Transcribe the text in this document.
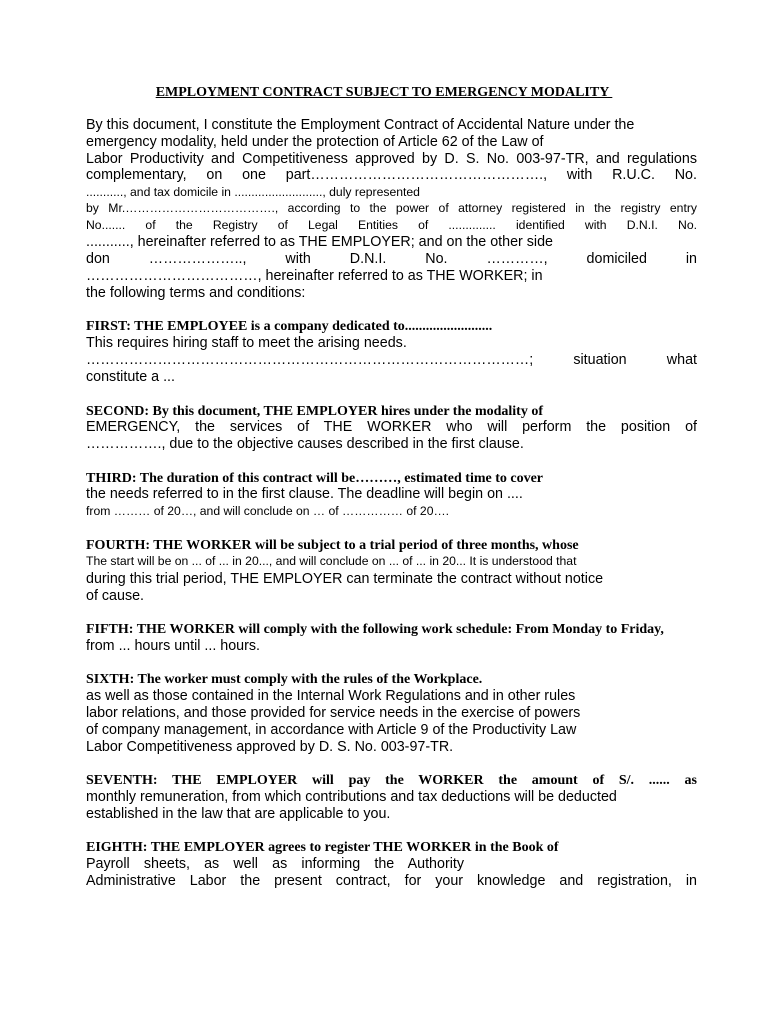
EMPLOYMENT CONTRACT SUBJECT TO EMERGENCY MODALITY
By this document, I constitute the Employment Contract of Accidental Nature under the
emergency modality, held under the protection of Article 62 of the Law of
Labor Productivity and Competitiveness approved by D. S. No. 003-97-TR, and regulations
complementary, on one part…………………………………………., with R.U.C. No.
..........., and tax domicile in .........................., duly represented
by Mr.………………………………., according to the power of attorney registered in the registry entry
No....... of the Registry of Legal Entities of .............. identified with D.N.I. No.
..........., hereinafter referred to as THE EMPLOYER; and on the other side
don ……………….., with D.N.I. No. …………, domiciled in
………………………………, hereinafter referred to as THE WORKER; in
the following terms and conditions:
FIRST: THE EMPLOYEE is a company dedicated to.........................
This requires hiring staff to meet the arising needs.
…………………………………………………………………………………; situation what
constitute a ...
SECOND: By this document, THE EMPLOYER hires under the modality of
EMERGENCY, the services of THE WORKER who will perform the position of
……………., due to the objective causes described in the first clause.
THIRD: The duration of this contract will be………, estimated time to cover
the needs referred to in the first clause. The deadline will begin on ....
from ……… of 20…, and will conclude on … of …………… of 20….
FOURTH: THE WORKER will be subject to a trial period of three months, whose
The start will be on ... of ... in 20..., and will conclude on ... of ... in 20... It is understood that
during this trial period, THE EMPLOYER can terminate the contract without notice
of cause.
FIFTH: THE WORKER will comply with the following work schedule: From Monday to Friday,
from ... hours until ... hours.
SIXTH: The worker must comply with the rules of the Workplace.
as well as those contained in the Internal Work Regulations and in other rules
labor relations, and those provided for service needs in the exercise of powers
of company management, in accordance with Article 9 of the Productivity Law
Labor Competitiveness approved by D. S. No. 003-97-TR.
SEVENTH: THE EMPLOYER will pay the WORKER the amount of S/. ...... as
monthly remuneration, from which contributions and tax deductions will be deducted
established in the law that are applicable to you.
EIGHTH: THE EMPLOYER agrees to register THE WORKER in the Book of
Payroll sheets, as well as informing the Authority
Administrative Labor the present contract, for your knowledge and registration, in
